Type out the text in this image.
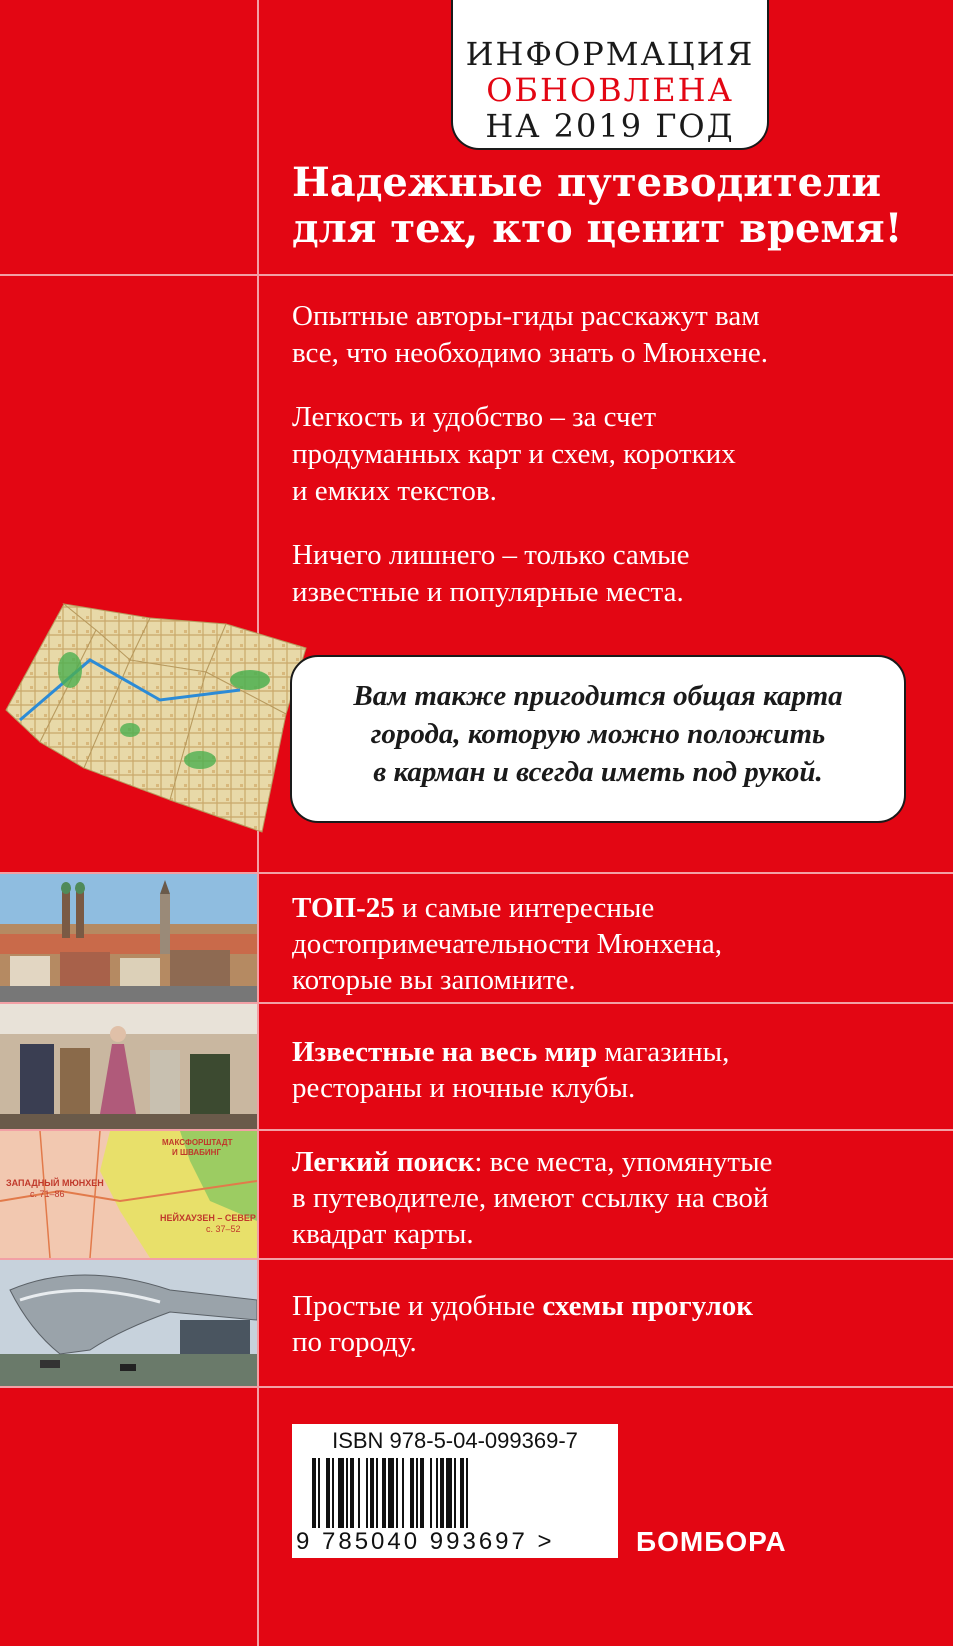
ИНФОРМАЦИЯ
ОБНОВЛЕНА
НА 2019 ГОД
Надежные путеводители
для тех, кто ценит время!
Опытные авторы-гиды расскажут вам
все, что необходимо знать о Мюнхене.
Легкость и удобство – за счет
продуманных карт и схем, коротких
и емких текстов.
Ничего лишнего – только самые
известные и популярные места.
Вам также пригодится общая карта
города, которую можно положить
в карман и всегда иметь под рукой.
ТОП-25 и самые интересные
достопримечательности Мюнхена,
которые вы запомните.
Известные на весь мир магазины,
рестораны и ночные клубы.
ЗАПАДНЫЙ МЮНХЕН
с. 71–86
МАКСФОРШТАДТ
И ШВАБИНГ
НЕЙХАУЗЕН – СЕВЕР
с. 37–52
Легкий поиск: все места, упомянутые
в путеводителе, имеют ссылку на свой
квадрат карты.
Простые и удобные схемы прогулок
по городу.
ISBN 978-5-04-099369-7
9 785040 993697 >	БОМБОРА
